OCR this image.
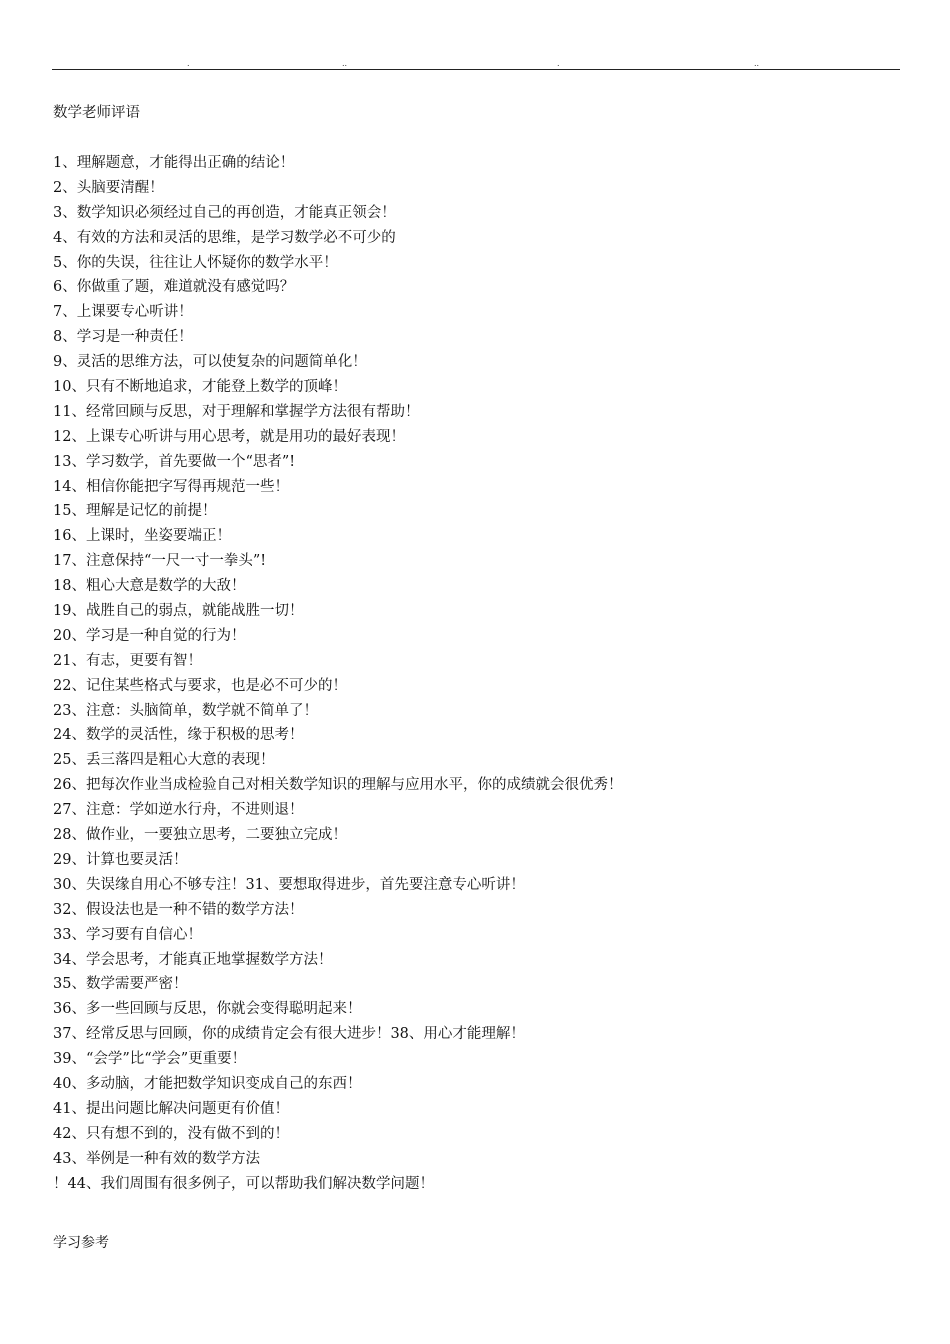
.	..	.	..
数学老师评语
1、理解题意，才能得出正确的结论！
2、头脑要清醒！
3、数学知识必须经过自己的再创造，才能真正领会！
4、有效的方法和灵活的思维，是学习数学必不可少的
5、你的失误，往往让人怀疑你的数学水平！
6、你做重了题，难道就没有感觉吗？
7、上课要专心听讲！
8、学习是一种责任！
9、灵活的思维方法，可以使复杂的问题简单化！
10、只有不断地追求，才能登上数学的顶峰！
11、经常回顾与反思，对于理解和掌握学方法很有帮助！
12、上课专心听讲与用心思考，就是用功的最好表现！
13、学习数学，首先要做一个“思者”!
14、相信你能把字写得再规范一些！
15、理解是记忆的前提！
16、上课时，坐姿要端正！
17、注意保持“一尺一寸一拳头”!
18、粗心大意是数学的大敌！
19、战胜自己的弱点，就能战胜一切！
20、学习是一种自觉的行为！
21、有志，更要有智！
22、记住某些格式与要求，也是必不可少的！
23、注意：头脑简单，数学就不简单了！
24、数学的灵活性，缘于积极的思考！
25、丢三落四是粗心大意的表现！
26、把每次作业当成检验自己对相关数学知识的理解与应用水平，你的成绩就会很优秀！
27、注意：学如逆水行舟，不进则退！
28、做作业，一要独立思考，二要独立完成！
29、计算也要灵活！
30、失误缘自用心不够专注！31、要想取得进步，首先要注意专心听讲！
32、假设法也是一种不错的数学方法！
33、学习要有自信心！
34、学会思考，才能真正地掌握数学方法！
35、数学需要严密！
36、多一些回顾与反思，你就会变得聪明起来！
37、经常反思与回顾，你的成绩肯定会有很大进步！38、用心才能理解！
39、“会学”比“学会”更重要！
40、多动脑，才能把数学知识变成自己的东西！
41、提出问题比解决问题更有价值！
42、只有想不到的，没有做不到的！
43、举例是一种有效的数学方法
！44、我们周围有很多例子，可以帮助我们解决数学问题！
学习参考
